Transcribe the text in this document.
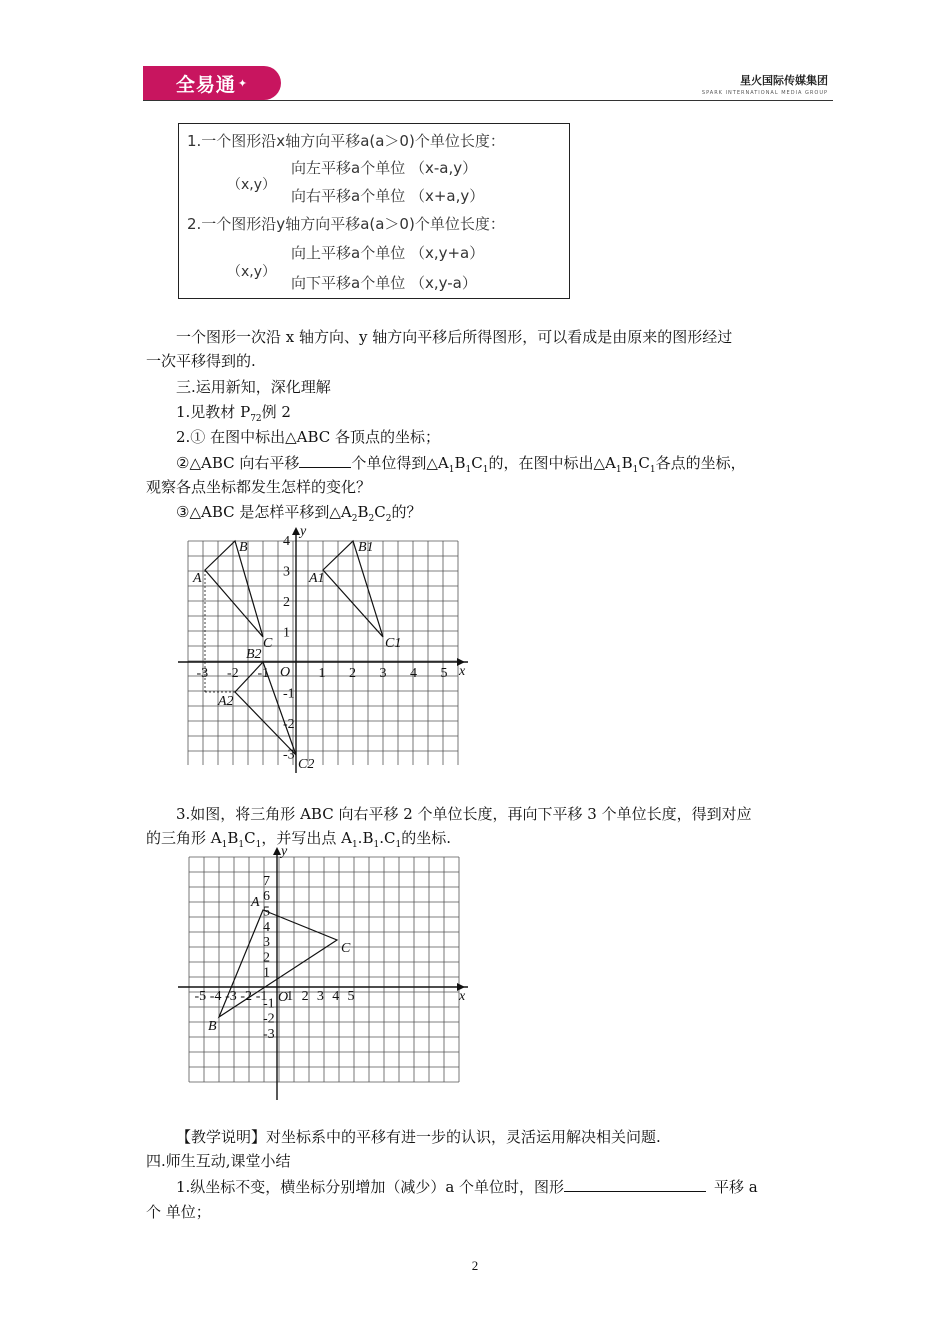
全易通 ✦	星火国际传媒集团
SPARK INTERNATIONAL MEDIA GROUP
1.一个图形沿x轴方向平移a(a＞0)个单位长度：
（x,y）
向左平移a个单位 （x-a,y）
向右平移a个单位 （x+a,y）
2.一个图形沿y轴方向平移a(a＞0)个单位长度：
（x,y）
向上平移a个单位 （x,y+a）
向下平移a个单位 （x,y-a）
一个图形一次沿 x 轴方向、y 轴方向平移后所得图形，可以看成是由原来的图形经过
一次平移得到的.
三.运用新知，深化理解
1.见教材 $P_{72}$例 2
2.① 在图中标出△ABC 各顶点的坐标；
②△ABC 向右平移	个单位得到$\triangle A_1B_1C_1$的，在图中标出$\triangle A_1B_1C_1$各点的坐标，
观察各点坐标都发生怎样的变化？
③△ABC 是怎样平移到$\triangle A_2B_2C_2$的？
x
y
O
-3 -2 -1	1 2 3 4 5
4
3
2
1
-1
-2
-3
A
B
C
A1
B1
C1
A2
B2
C2
3.如图，将三角形 ABC 向右平移 2 个单位长度，再向下平移 3 个单位长度，得到对应
的三角形 $A_1B_1C_1$，并写出点 $A_1.B_1.C_1$的坐标.
x
y
O
-5 -4 -3 -2 -1 1 2 3 4 5
7
6
5
4
3
2
1
-1
-2
-3
A
B
C
【教学说明】对坐标系中的平移有进一步的认识，灵活运用解决相关问题.
四.师生互动,课堂小结
1.纵坐标不变，横坐标分别增加（减少）a 个单位时，图形	平移 a
个 单位；
2
